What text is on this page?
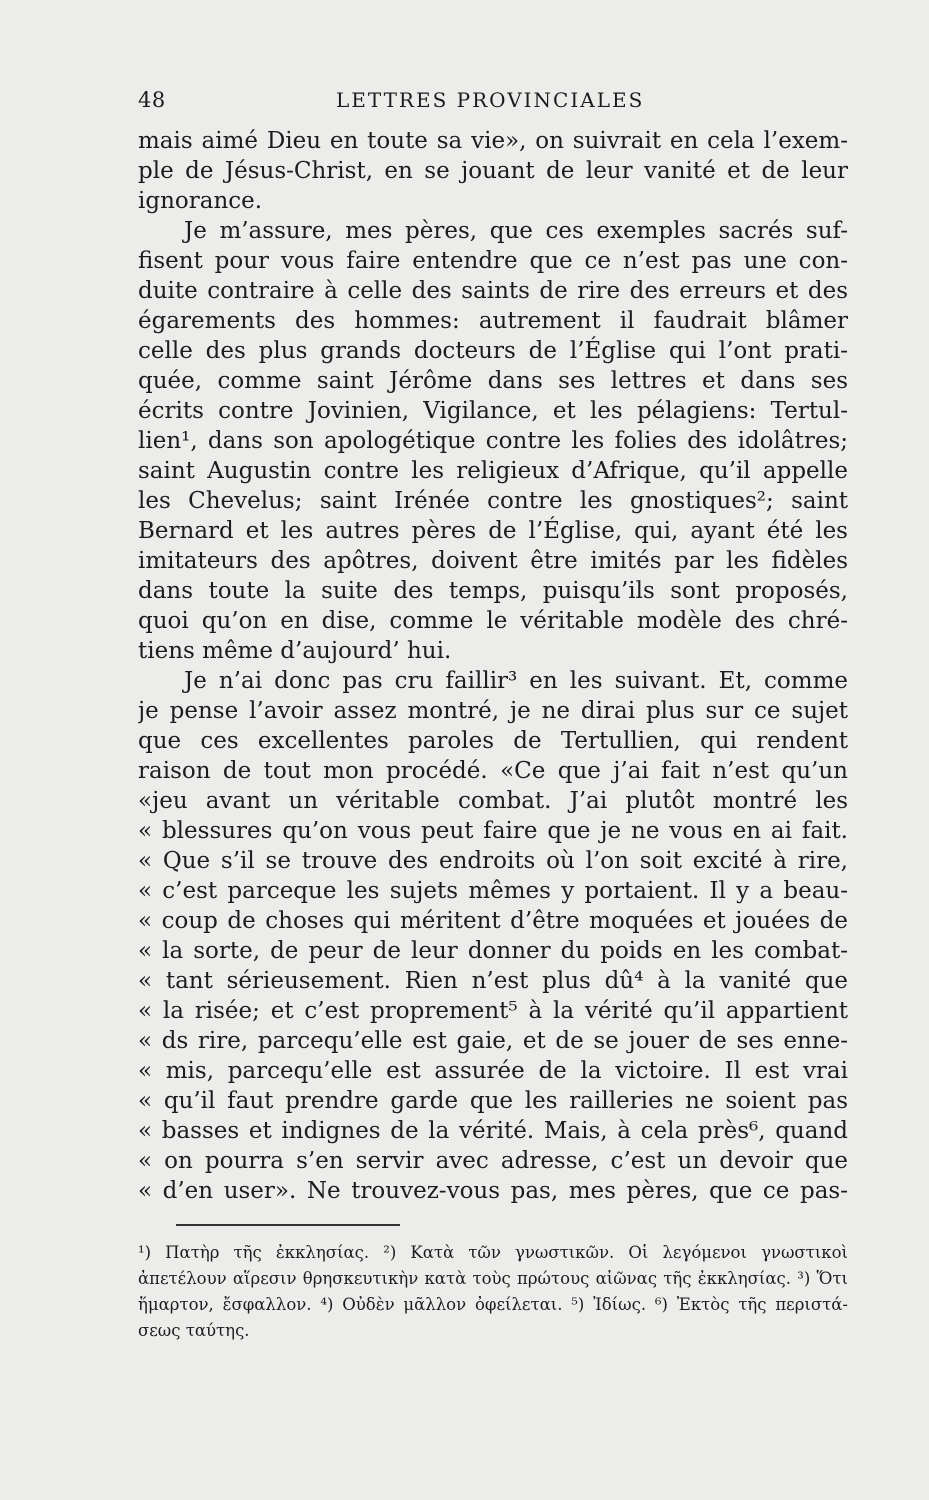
48	LETTRES PROVINCIALES
mais aimé Dieu en toute sa vie», on suivrait en cela l’exem-
ple de Jésus-Christ, en se jouant de leur vanité et de leur
ignorance.
Je m’assure, mes pères, que ces exemples sacrés suf-
fisent pour vous faire entendre que ce n’est pas une con-
duite contraire à celle des saints de rire des erreurs et des
égarements des hommes: autrement il faudrait blâmer
celle des plus grands docteurs de l’Église qui l’ont prati-
quée, comme saint Jérôme dans ses lettres et dans ses
écrits contre Jovinien, Vigilance, et les pélagiens: Tertul-
lien¹, dans son apologétique contre les folies des idolâtres;
saint Augustin contre les religieux d’Afrique, qu’il appelle
les Chevelus; saint Irénée contre les gnostiques²; saint
Bernard et les autres pères de l’Église, qui, ayant été les
imitateurs des apôtres, doivent être imités par les fidèles
dans toute la suite des temps, puisqu’ils sont proposés,
quoi qu’on en dise, comme le véritable modèle des chré-
tiens même d’aujourd’ hui.
Je n’ai donc pas cru faillir³ en les suivant. Et, comme
je pense l’avoir assez montré, je ne dirai plus sur ce sujet
que ces excellentes paroles de Tertullien, qui rendent
raison de tout mon procédé. «Ce que j’ai fait n’est qu’un
«jeu avant un véritable combat. J’ai plutôt montré les
« blessures qu’on vous peut faire que je ne vous en ai fait.
« Que s’il se trouve des endroits où l’on soit excité à rire,
« c’est parceque les sujets mêmes y portaient. Il y a beau-
« coup de choses qui méritent d’être moquées et jouées de
« la sorte, de peur de leur donner du poids en les combat-
« tant sérieusement. Rien n’est plus dû⁴ à la vanité que
« la risée; et c’est proprement⁵ à la vérité qu’il appartient
« ds rire, parcequ’elle est gaie, et de se jouer de ses enne-
« mis, parcequ’elle est assurée de la victoire. Il est vrai
« qu’il faut prendre garde que les railleries ne soient pas
« basses et indignes de la vérité. Mais, à cela près⁶, quand
« on pourra s’en servir avec adresse, c’est un devoir que
« d’en user». Ne trouvez-vous pas, mes pères, que ce pas-
¹) Πατὴρ τῆς ἐκκλησίας. ²) Κατὰ τῶν γνωστικῶν. Οἱ λεγόμενοι γνωστικοὶ
ἀπετέλουν αἵρεσιν θρησκευτικὴν κατὰ τοὺς πρώτους αἰῶνας τῆς ἐκκλησίας. ³) Ὅτι
ἥμαρτον, ἔσφαλλον. ⁴) Οὐδὲν μᾶλλον ὀφείλεται. ⁵) Ἰδίως. ⁶) Ἐκτὸς τῆς περιστά-
σεως ταύτης.
